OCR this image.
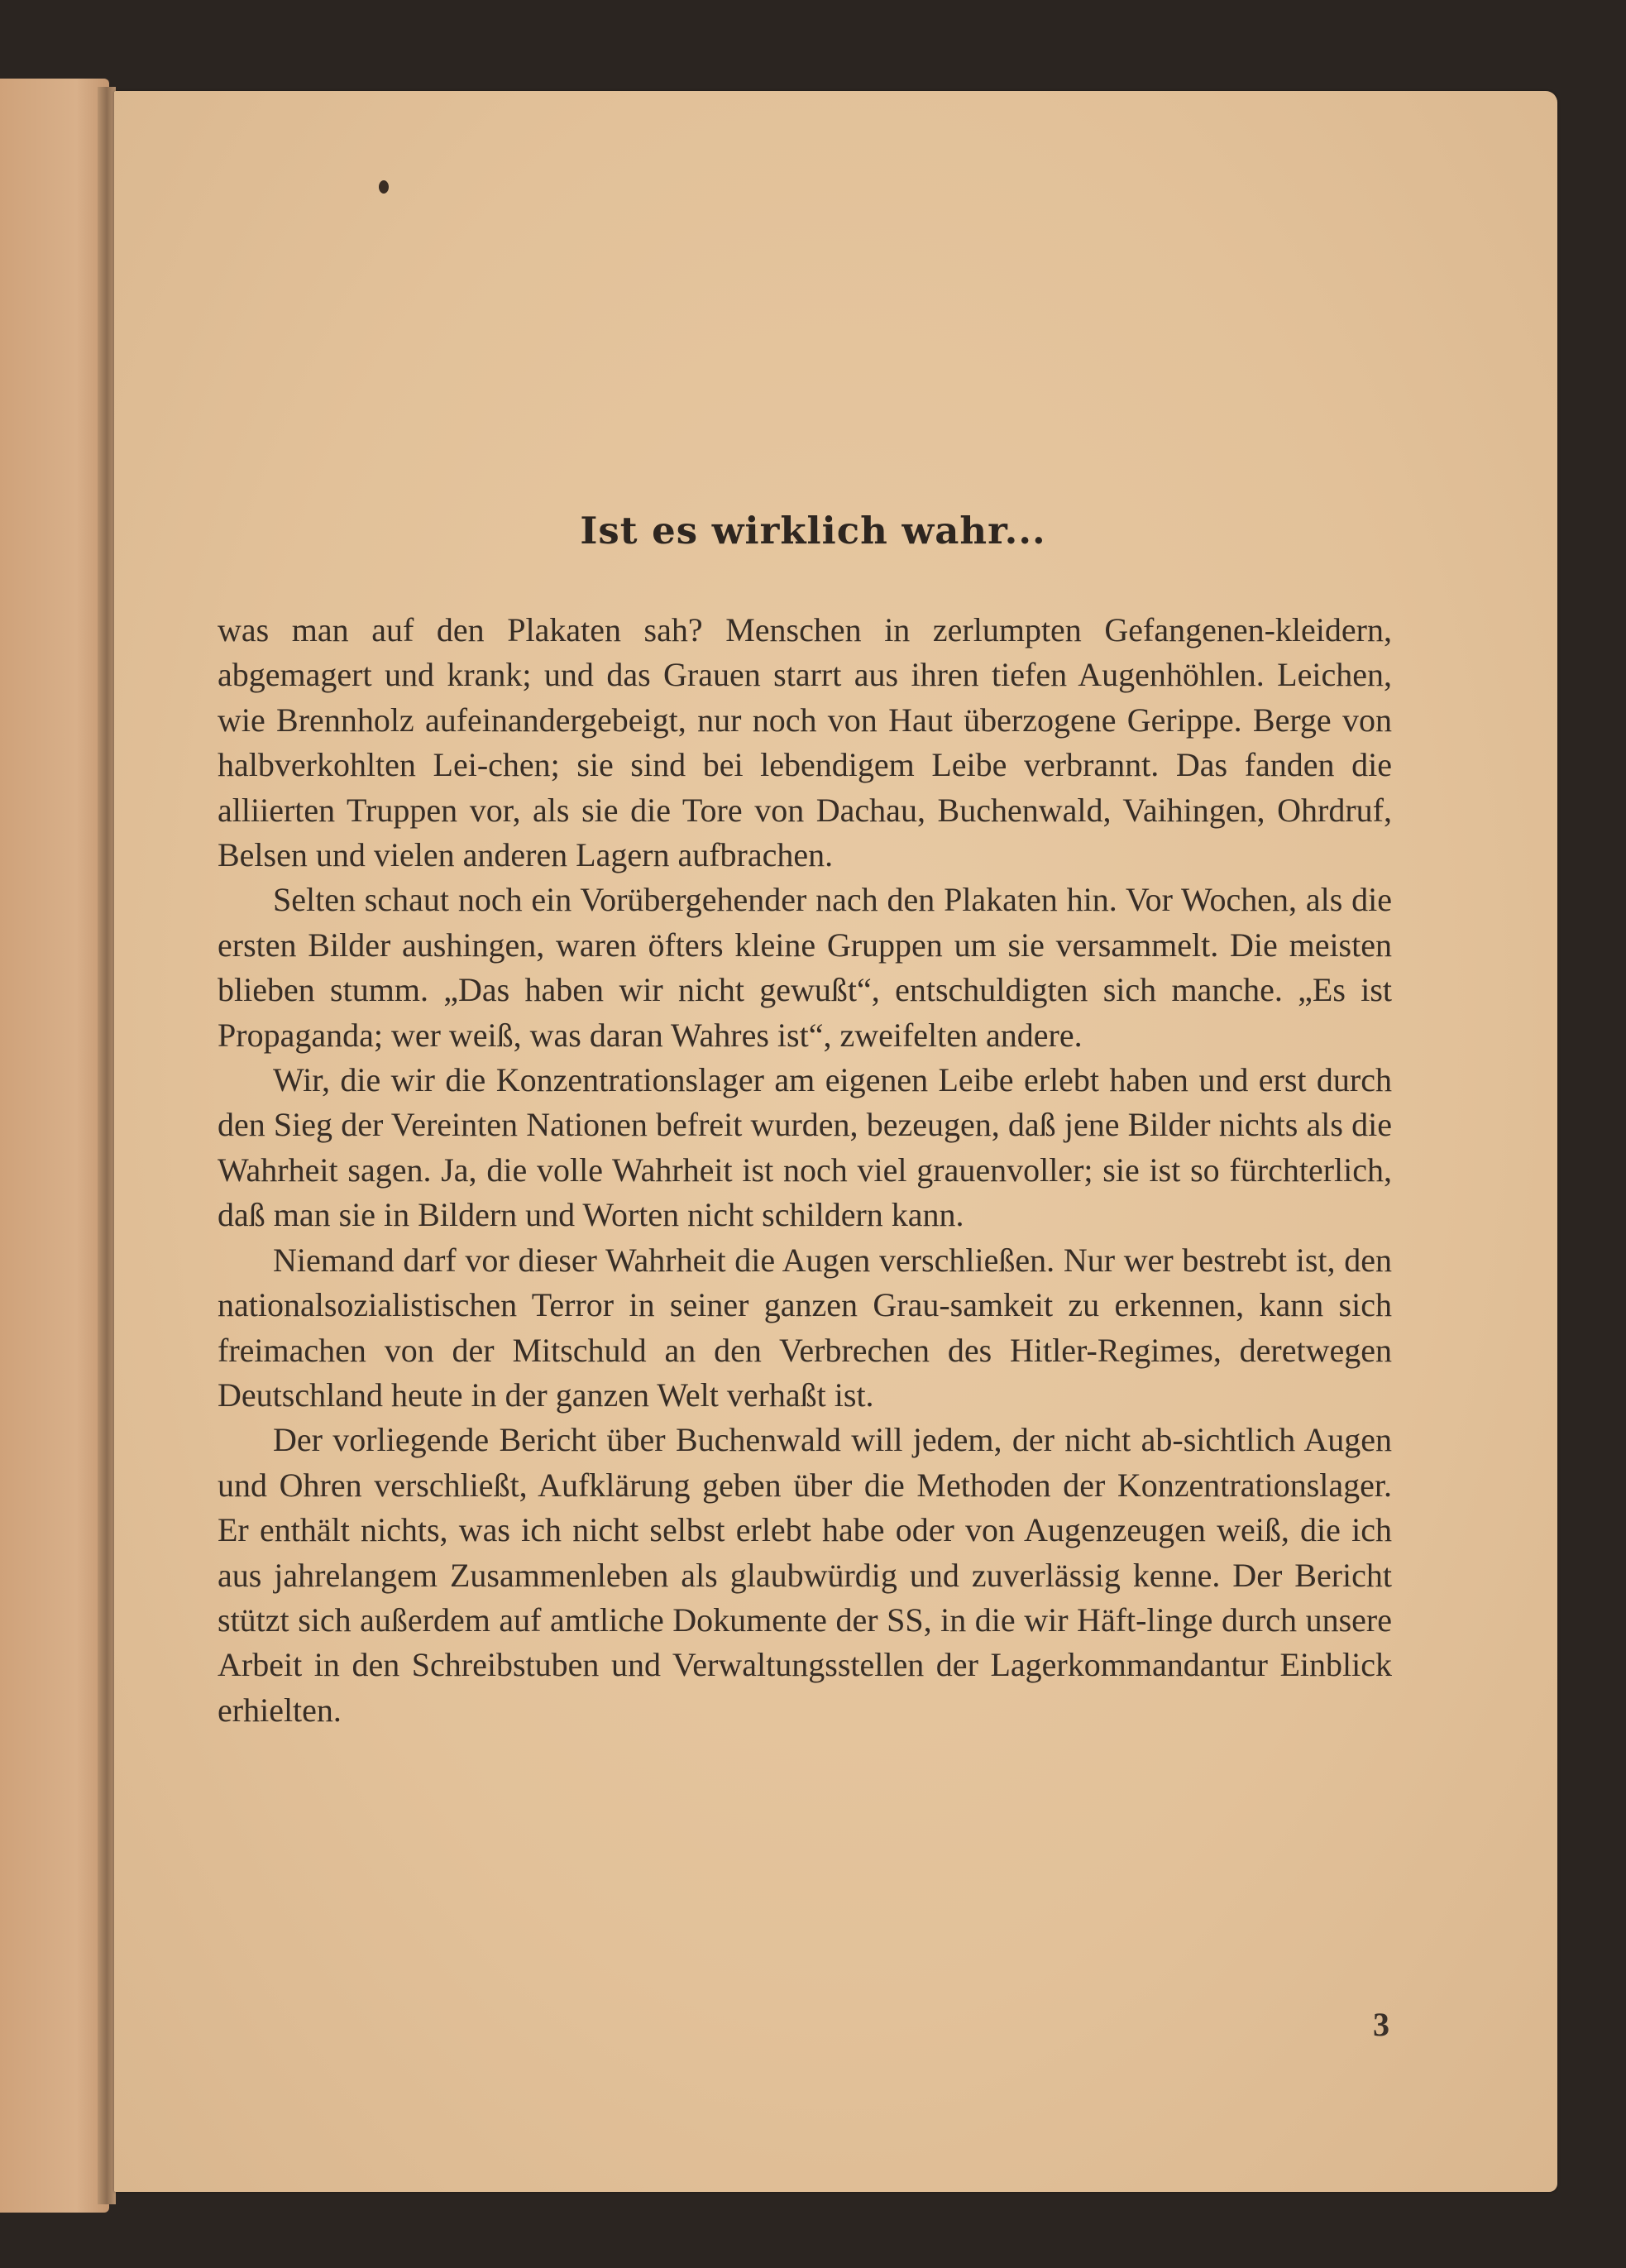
Ist es wirklich wahr...

was man auf den Plakaten sah? Menschen in zerlumpten Gefangenen-kleidern, abgemagert und krank; und das Grauen starrt aus ihren tiefen Augenhöhlen. Leichen, wie Brennholz aufeinandergebeigt, nur noch von Haut überzogene Gerippe. Berge von halbverkohlten Lei-chen; sie sind bei lebendigem Leibe verbrannt. Das fanden die alliierten Truppen vor, als sie die Tore von Dachau, Buchenwald, Vaihingen, Ohrdruf, Belsen und vielen anderen Lagern aufbrachen.

Selten schaut noch ein Vorübergehender nach den Plakaten hin. Vor Wochen, als die ersten Bilder aushingen, waren öfters kleine Gruppen um sie versammelt. Die meisten blieben stumm. „Das haben wir nicht gewußt“, entschuldigten sich manche. „Es ist Propaganda; wer weiß, was daran Wahres ist“, zweifelten andere.

Wir, die wir die Konzentrationslager am eigenen Leibe erlebt haben und erst durch den Sieg der Vereinten Nationen befreit wurden, bezeugen, daß jene Bilder nichts als die Wahrheit sagen. Ja, die volle Wahrheit ist noch viel grauenvoller; sie ist so fürchterlich, daß man sie in Bildern und Worten nicht schildern kann.

Niemand darf vor dieser Wahrheit die Augen verschließen. Nur wer bestrebt ist, den nationalsozialistischen Terror in seiner ganzen Grau-samkeit zu erkennen, kann sich freimachen von der Mitschuld an den Verbrechen des Hitler-Regimes, deretwegen Deutschland heute in der ganzen Welt verhaßt ist.

Der vorliegende Bericht über Buchenwald will jedem, der nicht ab-sichtlich Augen und Ohren verschließt, Aufklärung geben über die Methoden der Konzentrationslager. Er enthält nichts, was ich nicht selbst erlebt habe oder von Augenzeugen weiß, die ich aus jahrelangem Zusammenleben als glaubwürdig und zuverlässig kenne. Der Bericht stützt sich außerdem auf amtliche Dokumente der SS, in die wir Häft-linge durch unsere Arbeit in den Schreibstuben und Verwaltungsstellen der Lagerkommandantur Einblick erhielten.

3
